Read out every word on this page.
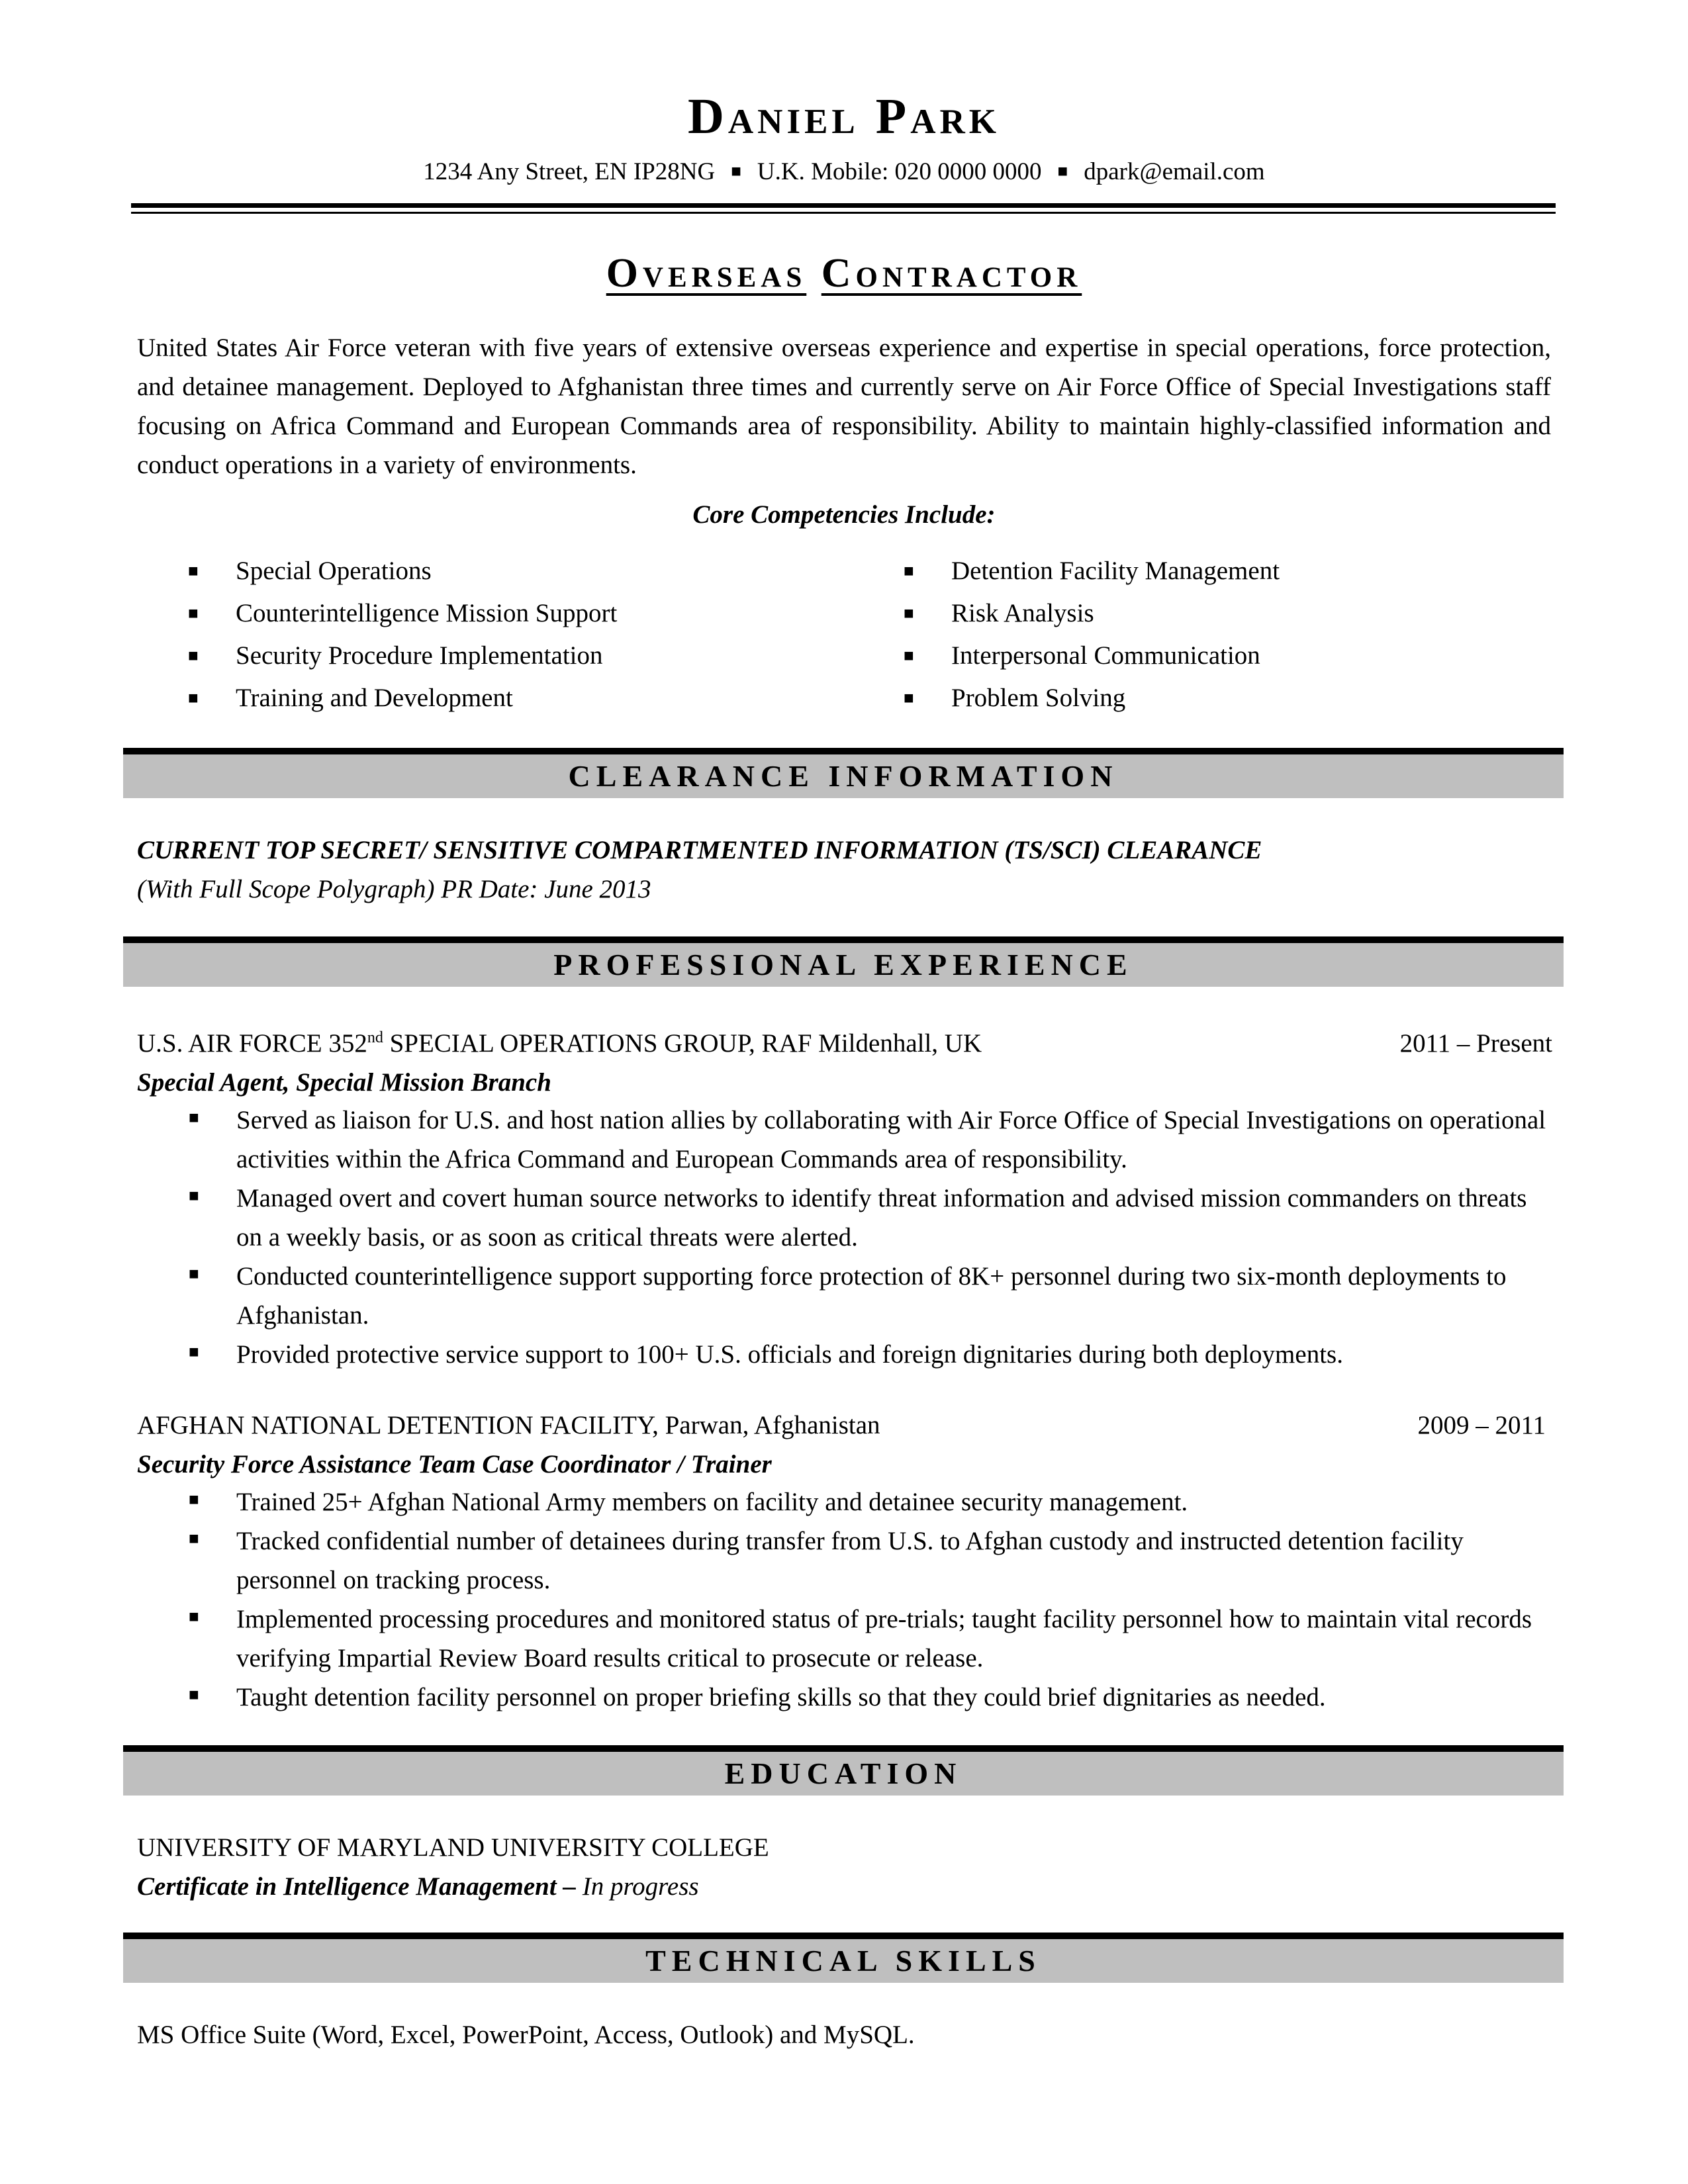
Daniel Park
1234 Any Street, EN IP28NG ■ U.K. Mobile: 020 0000 0000 ■ dpark@email.com
Overseas Contractor

United States Air Force veteran with five years of extensive overseas experience and expertise in special operations, force protection, and detainee management. Deployed to Afghanistan three times and currently serve on Air Force Office of Special Investigations staff focusing on Africa Command and European Commands area of responsibility. Ability to maintain highly-classified information and conduct operations in a variety of environments.

Core Competencies Include:
■ Special Operations
■ Counterintelligence Mission Support
■ Security Procedure Implementation
■ Training and Development
■ Detention Facility Management
■ Risk Analysis
■ Interpersonal Communication
■ Problem Solving
CLEARANCE INFORMATION
CURRENT TOP SECRET/ SENSITIVE COMPARTMENTED INFORMATION (TS/SCI) CLEARANCE
(With Full Scope Polygraph) PR Date: June 2013
PROFESSIONAL EXPERIENCE
U.S. AIR FORCE 352nd SPECIAL OPERATIONS GROUP, RAF Mildenhall, UK	2011 – Present
Special Agent, Special Mission Branch
■ Served as liaison for U.S. and host nation allies by collaborating with Air Force Office of Special Investigations on operational activities within the Africa Command and European Commands area of responsibility.
■ Managed overt and covert human source networks to identify threat information and advised mission commanders on threats on a weekly basis, or as soon as critical threats were alerted.
■ Conducted counterintelligence support supporting force protection of 8K+ personnel during two six-month deployments to Afghanistan.
■ Provided protective service support to 100+ U.S. officials and foreign dignitaries during both deployments.
AFGHAN NATIONAL DETENTION FACILITY, Parwan, Afghanistan	2009 – 2011
Security Force Assistance Team Case Coordinator / Trainer
■ Trained 25+ Afghan National Army members on facility and detainee security management.
■ Tracked confidential number of detainees during transfer from U.S. to Afghan custody and instructed detention facility personnel on tracking process.
■ Implemented processing procedures and monitored status of pre-trials; taught facility personnel how to maintain vital records verifying Impartial Review Board results critical to prosecute or release.
■ Taught detention facility personnel on proper briefing skills so that they could brief dignitaries as needed.
EDUCATION
UNIVERSITY OF MARYLAND UNIVERSITY COLLEGE
Certificate in Intelligence Management – In progress
TECHNICAL SKILLS
MS Office Suite (Word, Excel, PowerPoint, Access, Outlook) and MySQL.
